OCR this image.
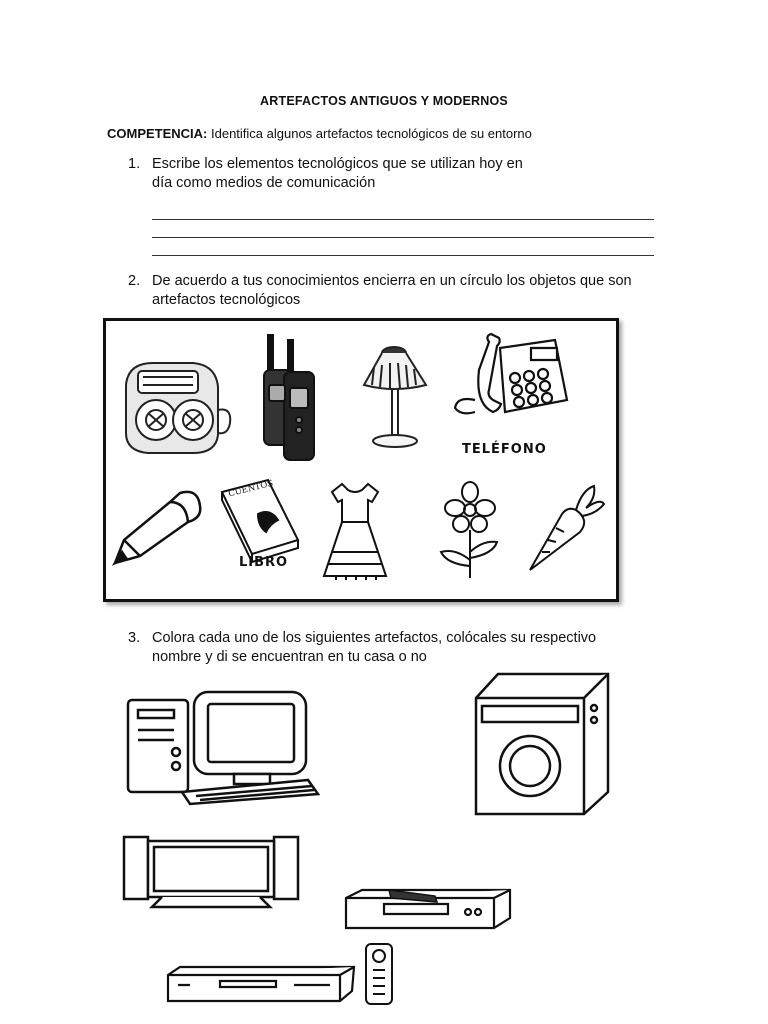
ARTEFACTOS ANTIGUOS Y MODERNOS
COMPETENCIA: Identifica algunos artefactos tecnológicos de su entorno
1. Escribe los elementos tecnológicos que se utilizan hoy en
día como medios de comunicación
2. De acuerdo a tus conocimientos encierra en un círculo los objetos que son
artefactos tecnológicos
TELÉFONO
CUENTOS
LIBRO
3. Colora cada uno de los siguientes artefactos, colócales su respectivo
nombre y di se encuentran en tu casa o no
